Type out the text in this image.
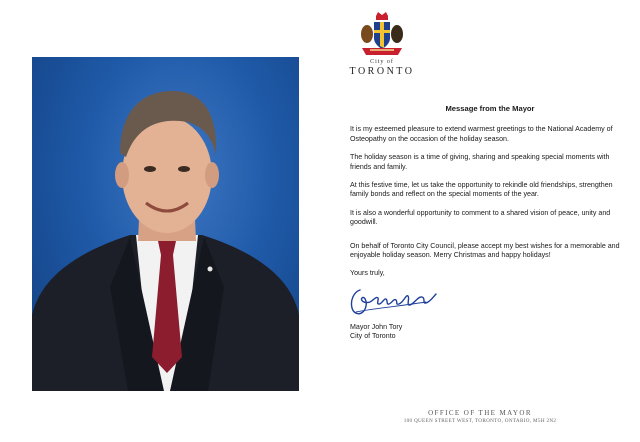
City of
TORONTO
Message from the Mayor

It is my esteemed pleasure to extend warmest greetings to the National Academy of Osteopathy on the occasion of the holiday season.

The holiday season is a time of giving, sharing and speaking special moments with friends and family.

At this festive time, let us take the opportunity to rekindle old friendships, strengthen family bonds and reflect on the special moments of the year.

It is also a wonderful opportunity to comment to a shared vision of peace, unity and goodwill.

On behalf of Toronto City Council, please accept my best wishes for a memorable and enjoyable holiday season. Merry Christmas and happy holidays!

Yours truly,

Mayor John Tory
City of Toronto
OFFICE OF THE MAYOR
100 QUEEN STREET WEST, TORONTO, ONTARIO, M5H 2N2
